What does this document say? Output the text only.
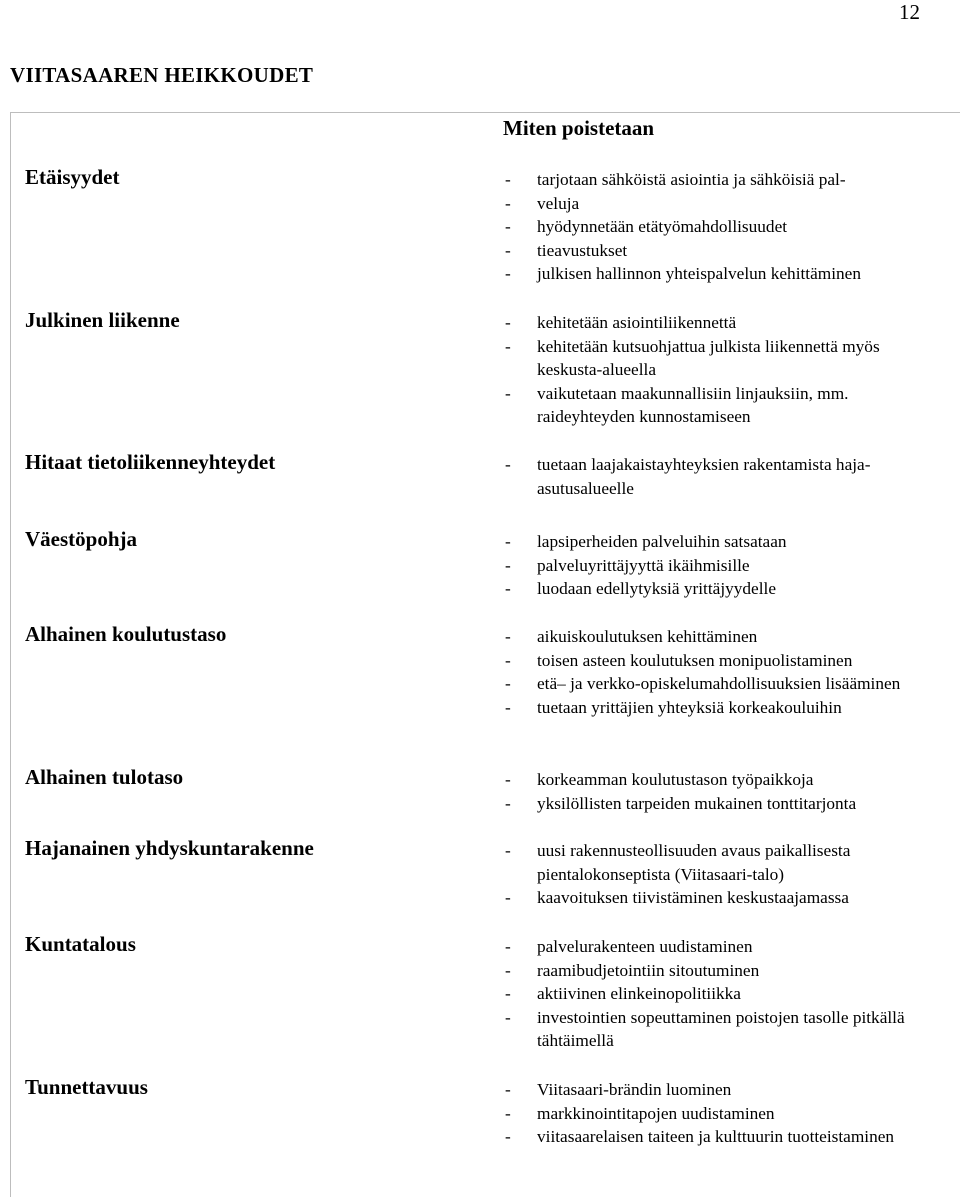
12
VIITASAAREN HEIKKOUDET
Miten poistetaan
Etäisyydet	- tarjotaan sähköistä asiointia ja sähköisiä pal-
- veluja
- hyödynnetään etätyömahdollisuudet
- tieavustukset
- julkisen hallinnon yhteispalvelun kehittäminen
Julkinen liikenne	- kehitetään asiointiliikennettä
- kehitetään kutsuohjattua julkista liikennettä myös keskusta-alueella
- vaikutetaan maakunnallisiin linjauksiin, mm. raideyhteyden kunnostamiseen
Hitaat tietoliikenneyhteydet	- tuetaan laajakaistayhteyksien rakentamista haja-asutusalueelle
Väestöpohja	- lapsiperheiden palveluihin satsataan
- palveluyrittäjyyttä ikäihmisille
- luodaan edellytyksiä yrittäjyydelle
Alhainen koulutustaso	- aikuiskoulutuksen kehittäminen
- toisen asteen koulutuksen monipuolistaminen
- etä– ja verkko-opiskelumahdollisuuksien lisääminen
- tuetaan yrittäjien yhteyksiä korkeakouluihin
Alhainen tulotaso	- korkeamman koulutustason työpaikkoja
- yksilöllisten tarpeiden mukainen tonttitarjonta
Hajanainen yhdyskuntarakenne	- uusi rakennusteollisuuden avaus paikallisesta pientalokonseptista (Viitasaari-talo)
- kaavoituksen tiivistäminen keskustaajamassa
Kuntatalous	- palvelurakenteen uudistaminen
- raamibudjetointiin sitoutuminen
- aktiivinen elinkeinopolitiikka
- investointien sopeuttaminen poistojen tasolle pitkällä tähtäimellä
Tunnettavuus	- Viitasaari-brändin luominen
- markkinointitapojen uudistaminen
- viitasaarelaisen taiteen ja kulttuurin tuotteistaminen
